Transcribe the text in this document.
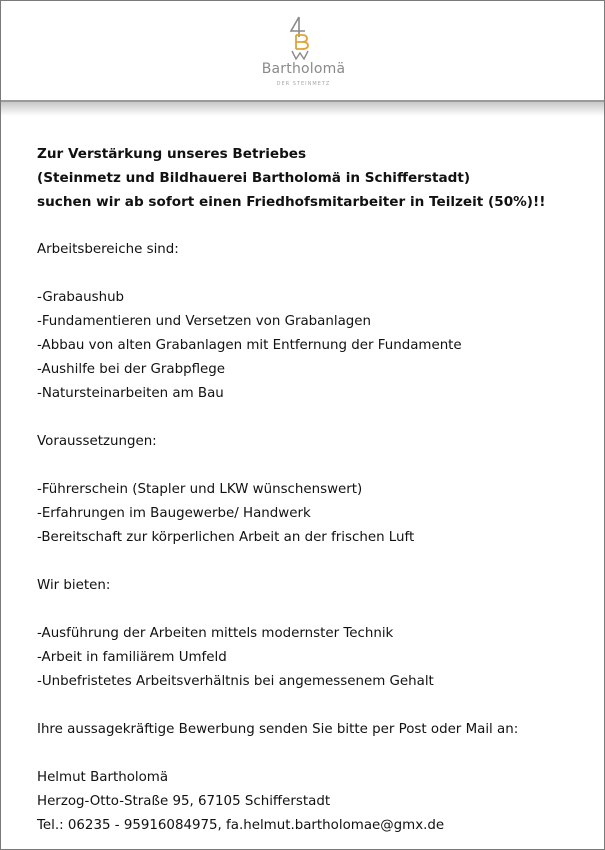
Bartholomä
DER STEINMETZ
Zur Verstärkung unseres Betriebes
(Steinmetz und Bildhauerei Bartholomä in Schifferstadt)
suchen wir ab sofort einen Friedhofsmitarbeiter in Teilzeit (50%)!!
Arbeitsbereiche sind:
-Grabaushub
-Fundamentieren und Versetzen von Grabanlagen
-Abbau von alten Grabanlagen mit Entfernung der Fundamente
-Aushilfe bei der Grabpflege
-Natursteinarbeiten am Bau
Voraussetzungen:
-Führerschein (Stapler und LKW wünschenswert)
-Erfahrungen im Baugewerbe/ Handwerk
-Bereitschaft zur körperlichen Arbeit an der frischen Luft
Wir bieten:
-Ausführung der Arbeiten mittels modernster Technik
-Arbeit in familiärem Umfeld
-Unbefristetes Arbeitsverhältnis bei angemessenem Gehalt
Ihre aussagekräftige Bewerbung senden Sie bitte per Post oder Mail an:
Helmut Bartholomä
Herzog-Otto-Straße 95, 67105 Schifferstadt
Tel.: 06235 - 95916084975, fa.helmut.bartholomae@gmx.de
